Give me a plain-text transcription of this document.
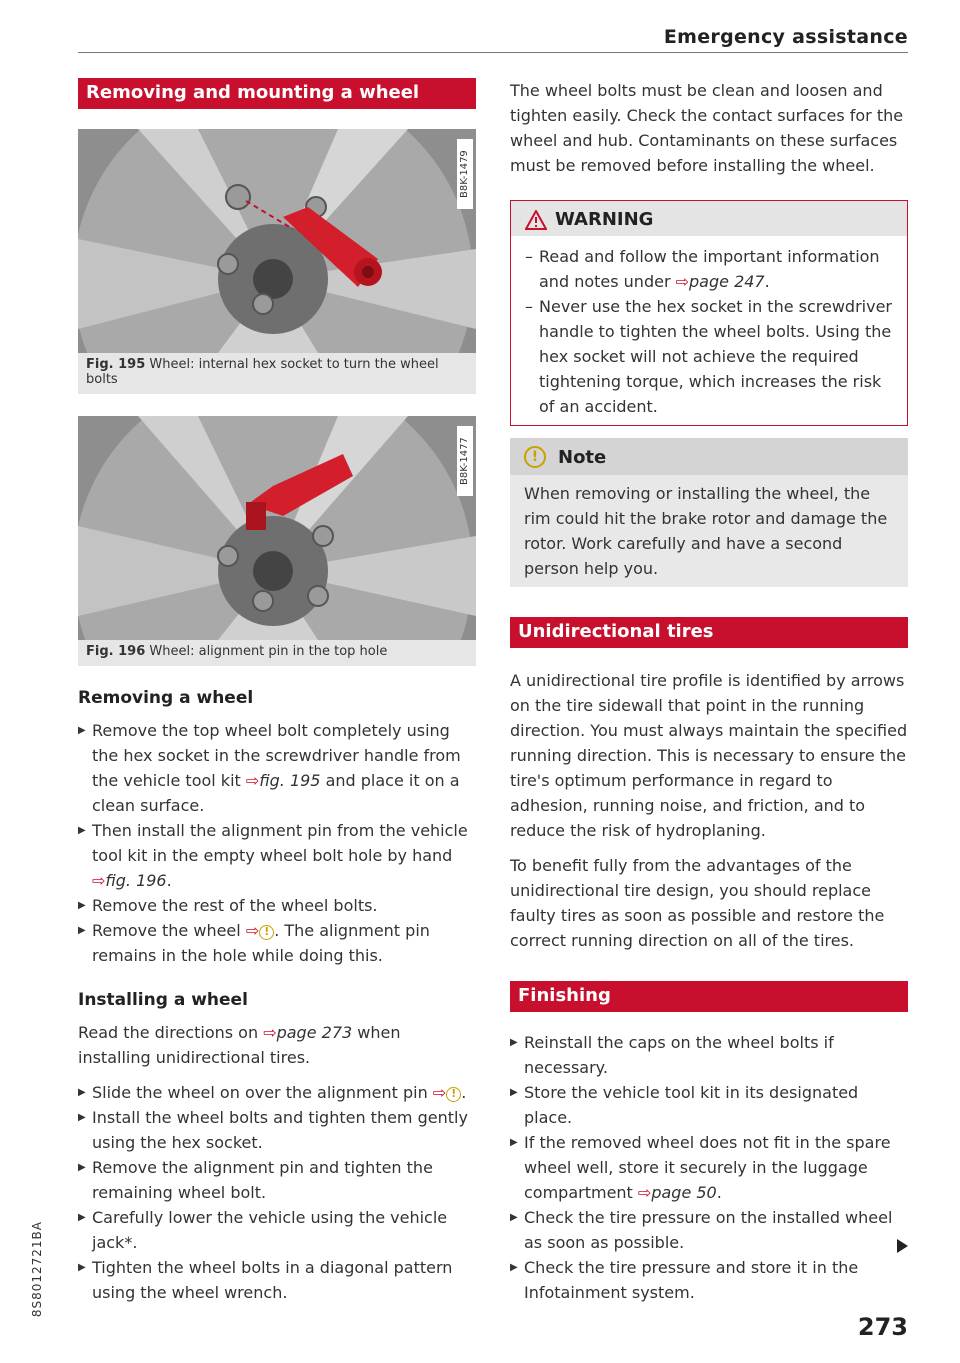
Emergency assistance
Removing and mounting a wheel
B8K-1479
Fig. 195 Wheel: internal hex socket to turn the wheel bolts
B8K-1477
Fig. 196 Wheel: alignment pin in the top hole
Removing a wheel
▶ Remove the top wheel bolt completely using the hex socket in the screwdriver handle from the vehicle tool kit ⇨fig. 195 and place it on a clean surface.
▶ Then install the alignment pin from the vehicle tool kit in the empty wheel bolt hole by hand ⇨fig. 196.
▶ Remove the rest of the wheel bolts.
▶ Remove the wheel ⇨ ! . The alignment pin remains in the hole while doing this.
Installing a wheel

Read the directions on ⇨page 273 when installing unidirectional tires.

▶ Slide the wheel on over the alignment pin ⇨ ! .
▶ Install the wheel bolts and tighten them gently using the hex socket.
▶ Remove the alignment pin and tighten the remaining wheel bolt.
▶ Carefully lower the vehicle using the vehicle jack*.
▶ Tighten the wheel bolts in a diagonal pattern using the wheel wrench.

The wheel bolts must be clean and loosen and tighten easily. Check the contact surfaces for the wheel and hub. Contaminants on these surfaces must be removed before installing the wheel.

WARNING
– Read and follow the important information and notes under ⇨page 247.
– Never use the hex socket in the screwdriver handle to tighten the wheel bolts. Using the hex socket will not achieve the required tightening torque, which increases the risk of an accident.
!	Note
When removing or installing the wheel, the rim could hit the brake rotor and damage the rotor. Work carefully and have a second person help you.
Unidirectional tires

A unidirectional tire profile is identified by arrows on the tire sidewall that point in the running direction. You must always maintain the specified running direction. This is necessary to ensure the tire's optimum performance in regard to adhesion, running noise, and friction, and to reduce the risk of hydroplaning.

To benefit fully from the advantages of the unidirectional tire design, you should replace faulty tires as soon as possible and restore the correct running direction on all of the tires.

Finishing
▶ Reinstall the caps on the wheel bolts if necessary.
▶ Store the vehicle tool kit in its designated place.
▶ If the removed wheel does not fit in the spare wheel well, store it securely in the luggage compartment ⇨page 50.
▶ Check the tire pressure on the installed wheel as soon as possible.
▶ Check the tire pressure and store it in the Infotainment system.
8S8012721BA
273
